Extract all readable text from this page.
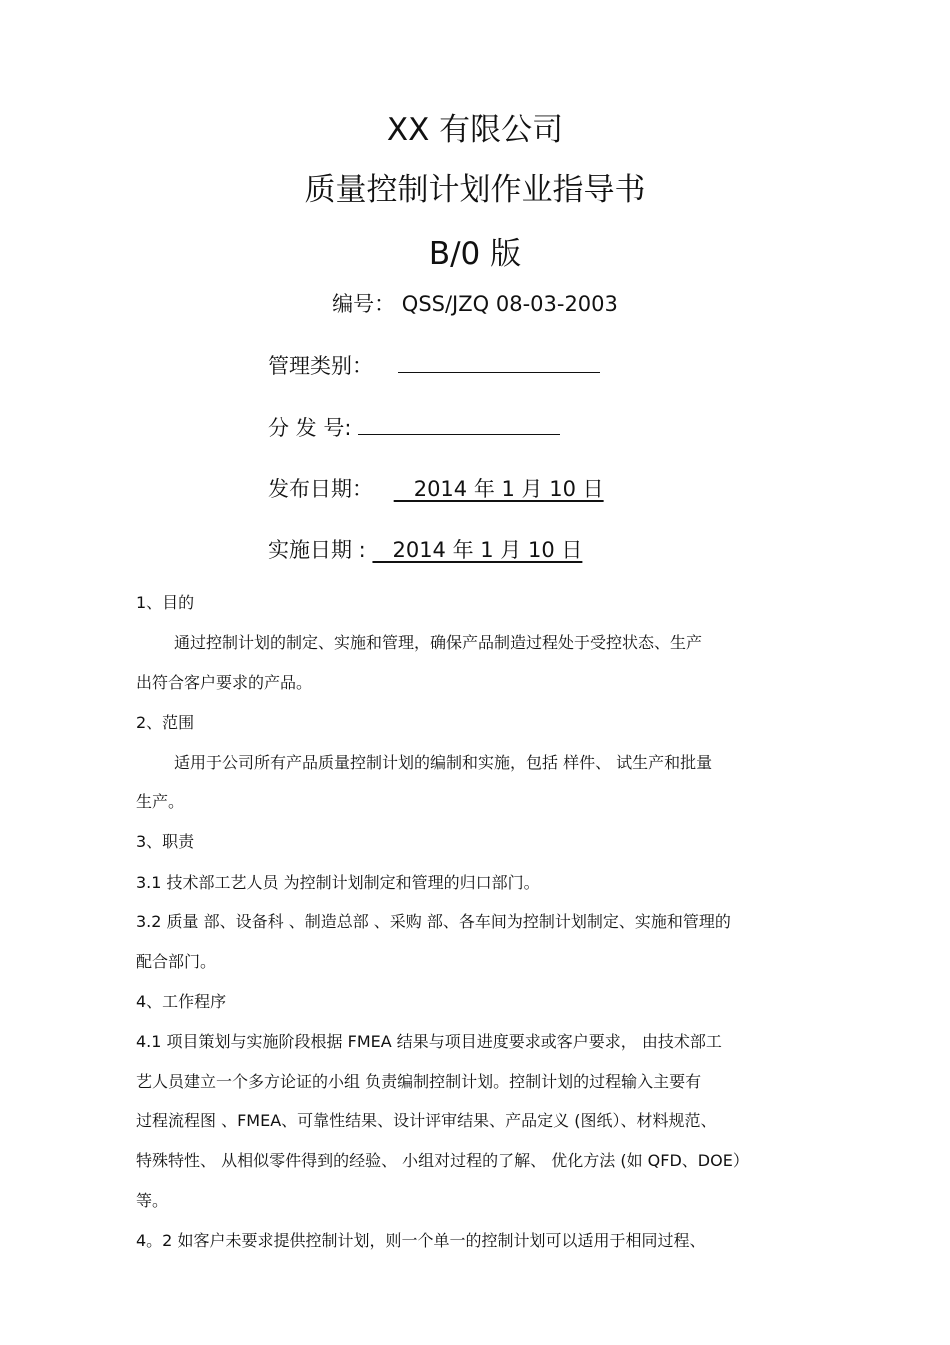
XX 有限公司
质量控制计划作业指导书
B/0 版
编号： QSS/JZQ 08-03-2003
管理类别：
分 发 号:
发布日期：    2014 年 1 月 10 日
实施日期 :    2014 年 1 月 10 日
1、目的
通过控制计划的制定、实施和管理，确保产品制造过程处于受控状态、生产
出符合客户要求的产品。
2、范围
适用于公司所有产品质量控制计划的编制和实施，包括 样件、 试生产和批量
生产。
3、职责
3.1 技术部工艺人员 为控制计划制定和管理的归口部门。
3.2 质量 部、设备科 、制造总部 、采购 部、各车间为控制计划制定、实施和管理的
配合部门。
4、工作程序
4.1 项目策划与实施阶段根据 FMEA 结果与项目进度要求或客户要求， 由技术部工
艺人员建立一个多方论证的小组 负责编制控制计划。控制计划的过程输入主要有
过程流程图 、FMEA、可靠性结果、设计评审结果、产品定义 (图纸）、材料规范、
特殊特性、 从相似零件得到的经验、 小组对过程的了解、 优化方法 (如 QFD、DOE）
等。
4。2 如客户未要求提供控制计划，则一个单一的控制计划可以适用于相同过程、
